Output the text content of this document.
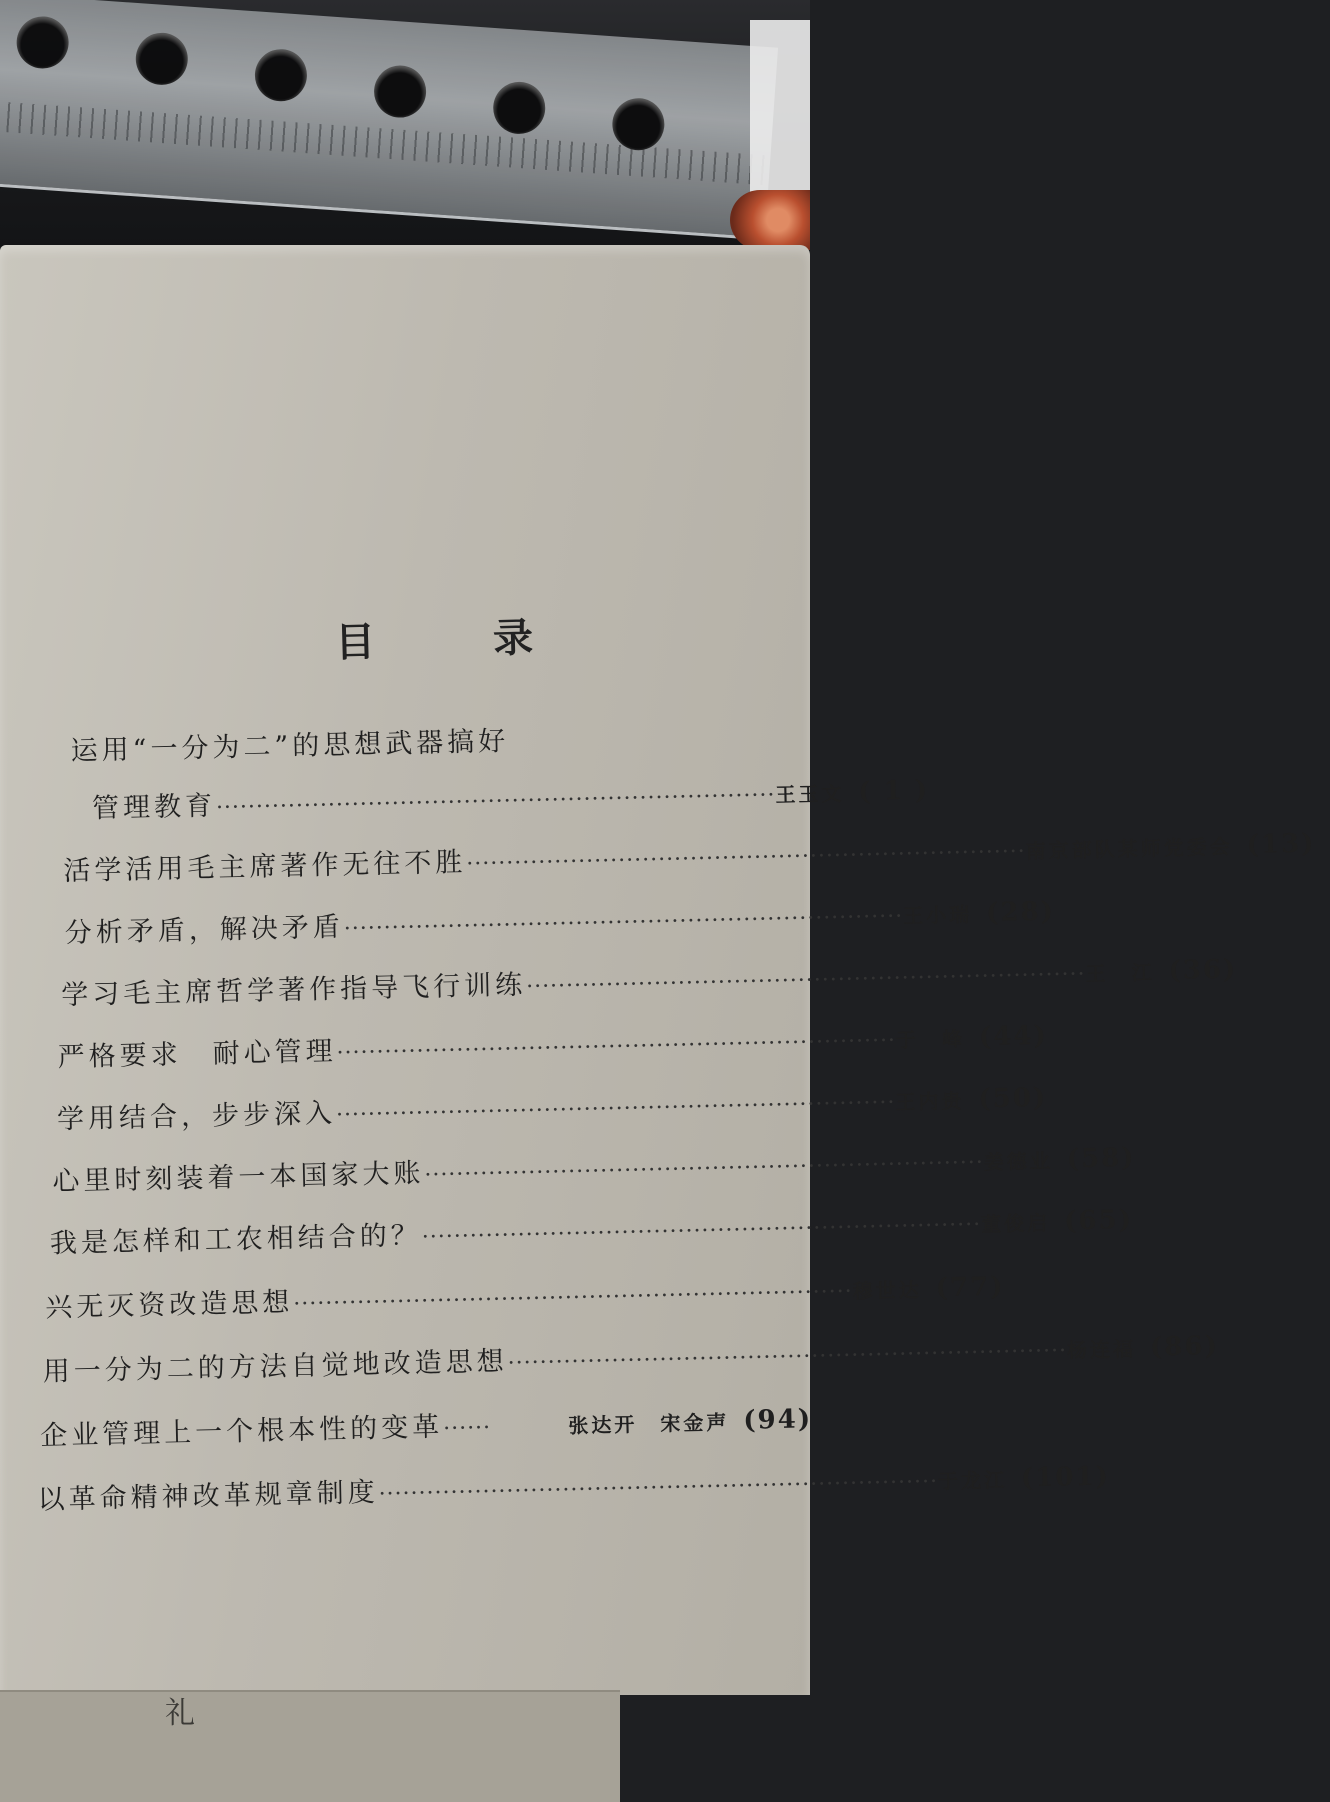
礼
目 录
运用“一分为二”的思想武器搞好
管理教育 ······································································ 王玉文 ( 1 )
活学活用毛主席著作无往不胜 ······································································ 南京部队某师党委会 (13)
分析矛盾，解决矛盾 ······································································ 王小瑞 (28)
学习毛主席哲学著作指导飞行训练 ······································································ 王　江 (36)
严格要求　耐心管理 ······································································ 于　峰 (44)
学用结合，步步深入 ······································································ 王内贵 (50)
心里时刻装着一本国家大账 ······································································ 姜德业 (58)
我是怎样和工农相结合的？ ······································································ 董俊启 (65)
兴无灭资改造思想 ······································································ 穆世达 (77)
用一分为二的方法自觉地改造思想 ······································································ 杨连福 (86)
企业管理上一个根本性的变革 ······	张达开　宋金声 (94)
以革命精神改革规章制度 ······································································ 于龙江 (101)
